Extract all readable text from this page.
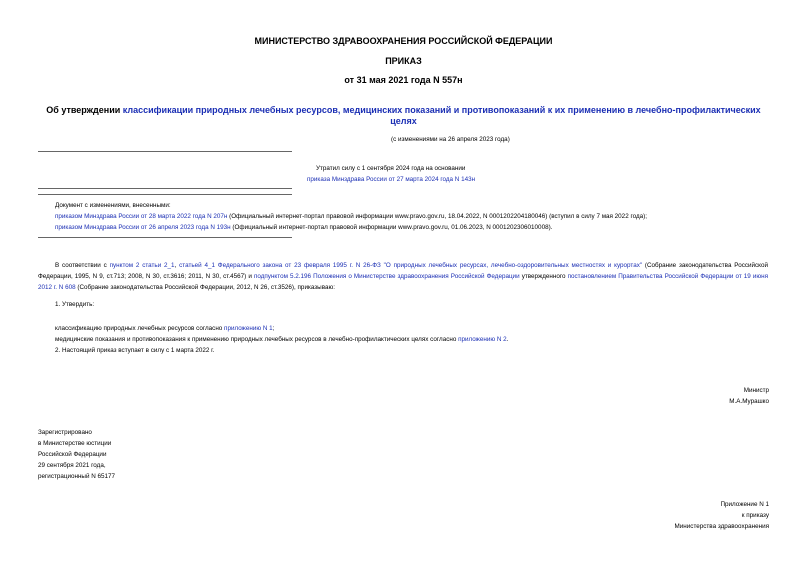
МИНИСТЕРСТВО ЗДРАВООХРАНЕНИЯ РОССИЙСКОЙ ФЕДЕРАЦИИ
ПРИКАЗ
от 31 мая 2021 года N 557н
Об утверждении классификации природных лечебных ресурсов, медицинских показаний и противопоказаний к их применению в лечебно-профилактических
целях
(с изменениями на 26 апреля 2023 года)
Утратил силу с 1 сентября 2024 года на основании
приказа Минздрава России от 27 марта 2024 года N 143н
Документ с изменениями, внесенными:
приказом Минздрава России от 28 марта 2022 года N 207н (Официальный интернет-портал правовой информации www.pravo.gov.ru, 18.04.2022, N 0001202204180046) (вступил в силу 7 мая 2022 года);
приказом Минздрава России от 26 апреля 2023 года N 193н (Официальный интернет-портал правовой информации www.pravo.gov.ru, 01.06.2023, N 0001202306010008).
В соответствии с пунктом 2 статьи 2_1, статьей 4_1 Федерального закона от 23 февраля 1995 г. N 26-ФЗ "О природных лечебных ресурсах, лечебно-оздоровительных местностях и курортах" (Собрание законодательства Российской Федерации, 1995, N 9, ст.713; 2008, N 30, ст.3616; 2011, N 30, ст.4567) и подпунктом 5.2.196 Положения о Министерстве здравоохранения Российской Федерации утвержденного постановлением Правительства Российской Федерации от 19 июня 2012 г. N 608 (Собрание законодательства Российской Федерации, 2012, N 26, ст.3526), приказываю:
1. Утвердить:
классификацию природных лечебных ресурсов согласно приложению N 1;
медицинские показания и противопоказания к применению природных лечебных ресурсов в лечебно-профилактических целях согласно приложению N 2.
2. Настоящий приказ вступает в силу с 1 марта 2022 г.
Министр
М.А.Мурашко
Зарегистрировано
в Министерстве юстиции
Российской Федерации
29 сентября 2021 года,
регистрационный N 65177
Приложение N 1
к приказу
Министерства здравоохранения
